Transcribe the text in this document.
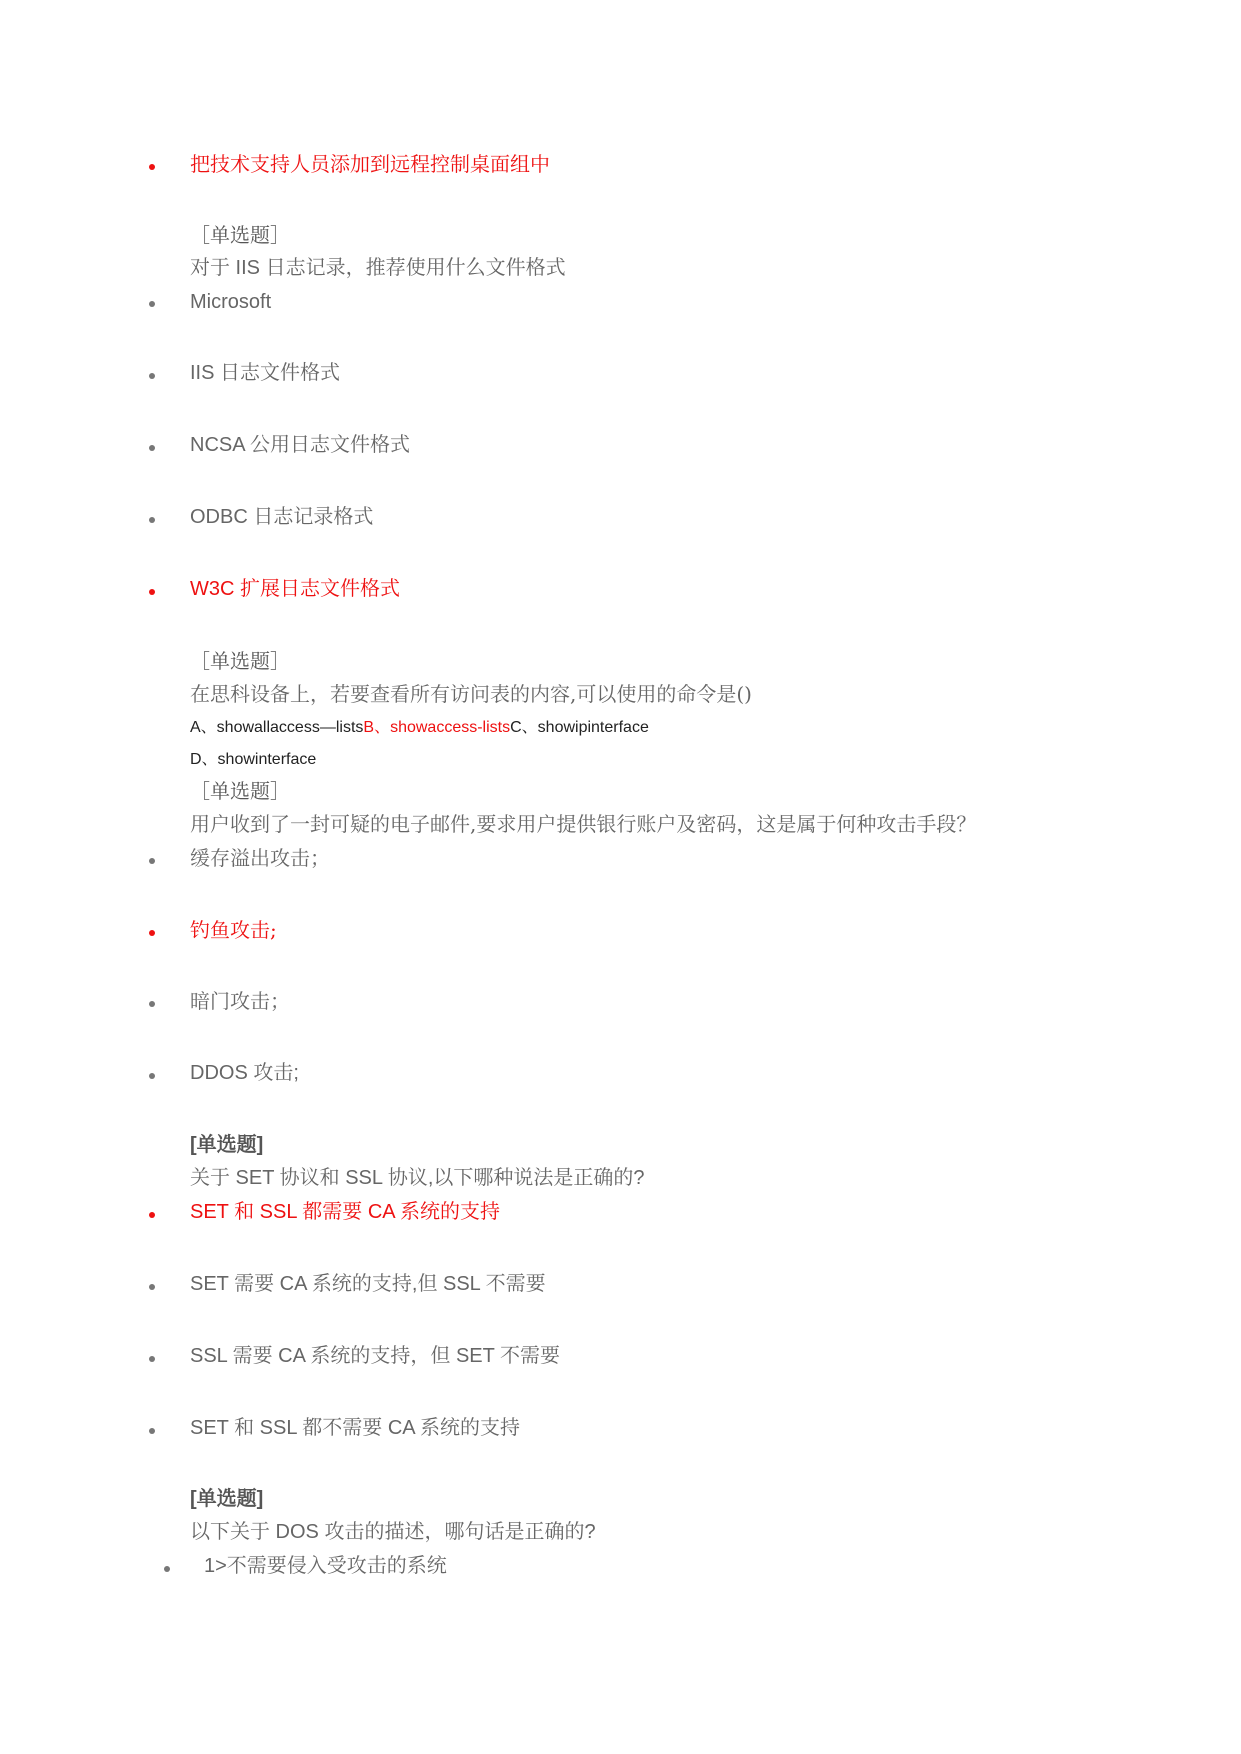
把技术支持人员添加到远程控制桌面组中
［单选题］
对于 IIS 日志记录，推荐使用什么文件格式
Microsoft
IIS 日志文件格式
NCSA 公用日志文件格式
ODBC 日志记录格式
W3C 扩展日志文件格式
［单选题］
在思科设备上，若要查看所有访问表的内容,可以使用的命令是()
A、showallaccess—listsB、showaccess-listsC、showipinterface
D、showinterface
［单选题］
用户收到了一封可疑的电子邮件,要求用户提供银行账户及密码，这是属于何种攻击手段？
缓存溢出攻击；
钓鱼攻击;
暗门攻击；
DDOS 攻击;
[单选题]
关于 SET 协议和 SSL 协议,以下哪种说法是正确的?
SET 和 SSL 都需要 CA 系统的支持
SET 需要 CA 系统的支持,但 SSL 不需要
SSL 需要 CA 系统的支持，但 SET 不需要
SET 和 SSL 都不需要 CA 系统的支持
[单选题]
以下关于 DOS 攻击的描述，哪句话是正确的?
1>不需要侵入受攻击的系统
